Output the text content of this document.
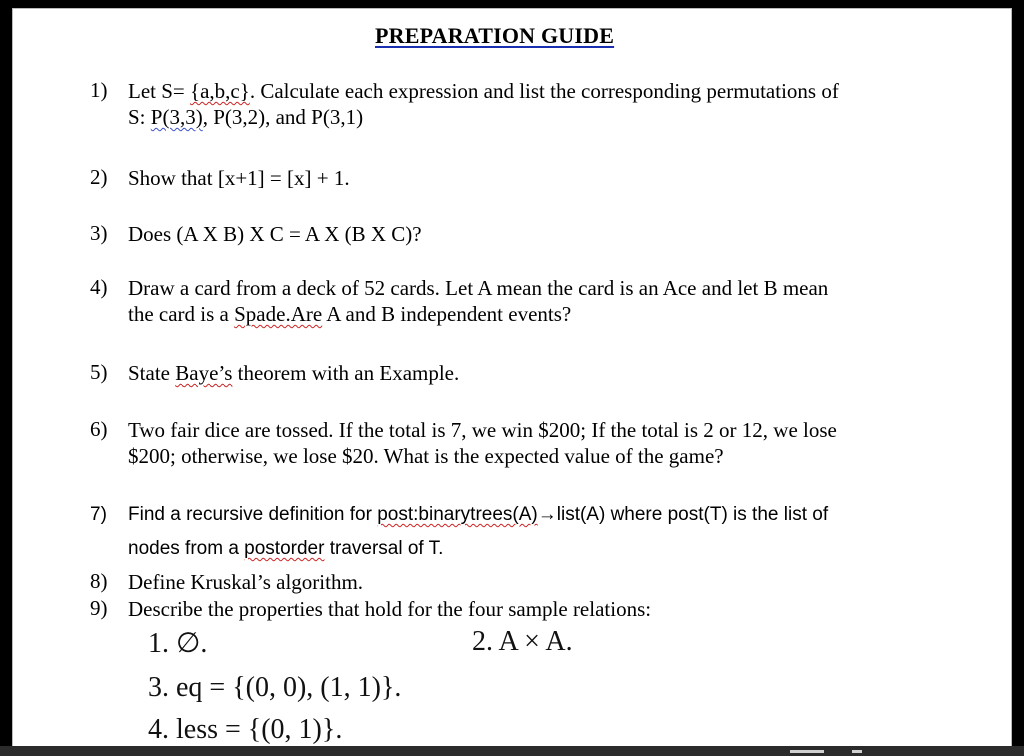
PREPARATION GUIDE
1) Let S= {a,b,c}. Calculate each expression and list the corresponding permutations of
S: P(3,3), P(3,2), and P(3,1)
2) Show that [x+1] = [x] + 1.
3) Does (A X B) X C = A X (B X C)?
4) Draw a card from a deck of 52 cards. Let A mean the card is an Ace and let B mean
the card is a Spade.Are A and B independent events?
5) State Baye’s theorem with an Example.
6) Two fair dice are tossed. If the total is 7, we win $200; If the total is 2 or 12, we lose
$200; otherwise, we lose $20. What is the expected value of the game?
7)	Find a recursive definition for post:binarytrees(A)→list(A) where post(T) is the list of
nodes from a postorder traversal of T.
8) Define Kruskal’s algorithm.
9) Describe the properties that hold for the four sample relations:
1. ∅.	2. A × A.
3. eq = {(0, 0), (1, 1)}.
4. less = {(0, 1)}.
